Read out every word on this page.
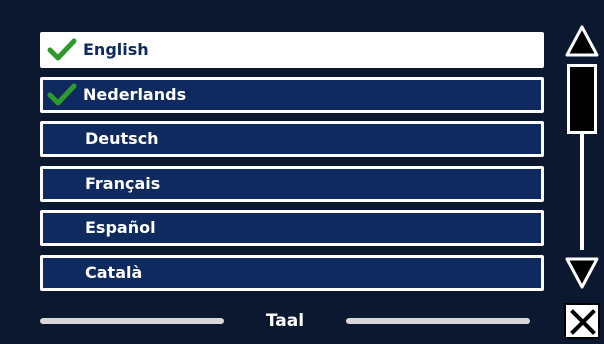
English
Nederlands
Deutsch
Français
Español
Català
Taal
